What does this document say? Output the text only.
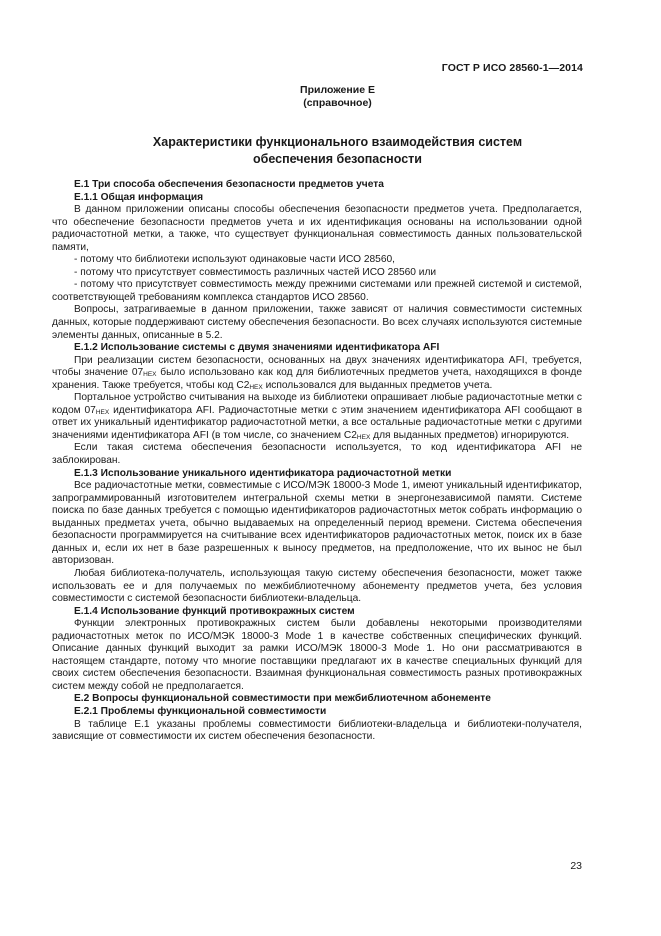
ГОСТ Р ИСО 28560-1—2014
Приложение Е
(справочное)
Характеристики функционального взаимодействия систем
обеспечения безопасности

Е.1 Три способа обеспечения безопасности предметов учета

Е.1.1 Общая информация

В данном приложении описаны способы обеспечения безопасности предметов учета. Предполагается, что обеспечение безопасности предметов учета и их идентификация основаны на использовании одной радиочастотной метки, а также, что существует функциональная совместимость данных пользовательской памяти,

- потому что библиотеки используют одинаковые части ИСО 28560,

- потому что присутствует совместимость различных частей ИСО 28560 или

- потому что присутствует совместимость между прежними системами или прежней системой и системой, соответствующей требованиям комплекса стандартов ИСО 28560.

Вопросы, затрагиваемые в данном приложении, также зависят от наличия совместимости системных данных, которые поддерживают систему обеспечения безопасности. Во всех случаях используются системные элементы данных, описанные в 5.2.

Е.1.2 Использование системы с двумя значениями идентификатора AFI

При реализации систем безопасности, основанных на двух значениях идентификатора AFI, требуется, чтобы значение $07_{HEX}$ было использовано как код для библиотечных предметов учета, находящихся в фонде хранения. Также требуется, чтобы код $C2_{HEX}$ использовался для выданных предметов учета.

Портальное устройство считывания на выходе из библиотеки опрашивает любые радиочастотные метки с кодом $07_{HEX}$ идентификатора AFI. Радиочастотные метки с этим значением идентификатора AFI сообщают в ответ их уникальный идентификатор радиочастотной метки, а все остальные радиочастотные метки с другими значениями идентификатора AFI (в том числе, со значением $C2_{HEX}$ для выданных предметов) игнорируются.

Если такая система обеспечения безопасности используется, то код идентификатора AFI не заблокирован.

Е.1.3 Использование уникального идентификатора радиочастотной метки

Все радиочастотные метки, совместимые с ИСО/МЭК 18000-3 Mode 1, имеют уникальный идентификатор, запрограммированный изготовителем интегральной схемы метки в энергонезависимой памяти. Системе поиска по базе данных требуется с помощью идентификаторов радиочастотных меток собрать информацию о выданных предметах учета, обычно выдаваемых на определенный период времени. Система обеспечения безопасности программируется на считывание всех идентификаторов радиочастотных меток, поиск их в базе данных и, если их нет в базе разрешенных к выносу предметов, на предположение, что их вынос не был авторизован.

Любая библиотека-получатель, использующая такую систему обеспечения безопасности, может также использовать ее и для получаемых по межбиблиотечному абонементу предметов учета, без условия совместимости с системой безопасности библиотеки-владельца.

Е.1.4 Использование функций противокражных систем

Функции электронных противокражных систем были добавлены некоторыми производителями радиочастотных меток по ИСО/МЭК 18000-3 Mode 1 в качестве собственных специфических функций. Описание данных функций выходит за рамки ИСО/МЭК 18000-3 Mode 1. Но они рассматриваются в настоящем стандарте, потому что многие поставщики предлагают их в качестве специальных функций для своих систем обеспечения безопасности. Взаимная функциональная совместимость разных противокражных систем между собой не предполагается.

Е.2 Вопросы функциональной совместимости при межбиблиотечном абонементе

Е.2.1 Проблемы функциональной совместимости

В таблице Е.1 указаны проблемы совместимости библиотеки-владельца и библиотеки-получателя, зависящие от совместимости их систем обеспечения безопасности.

23
